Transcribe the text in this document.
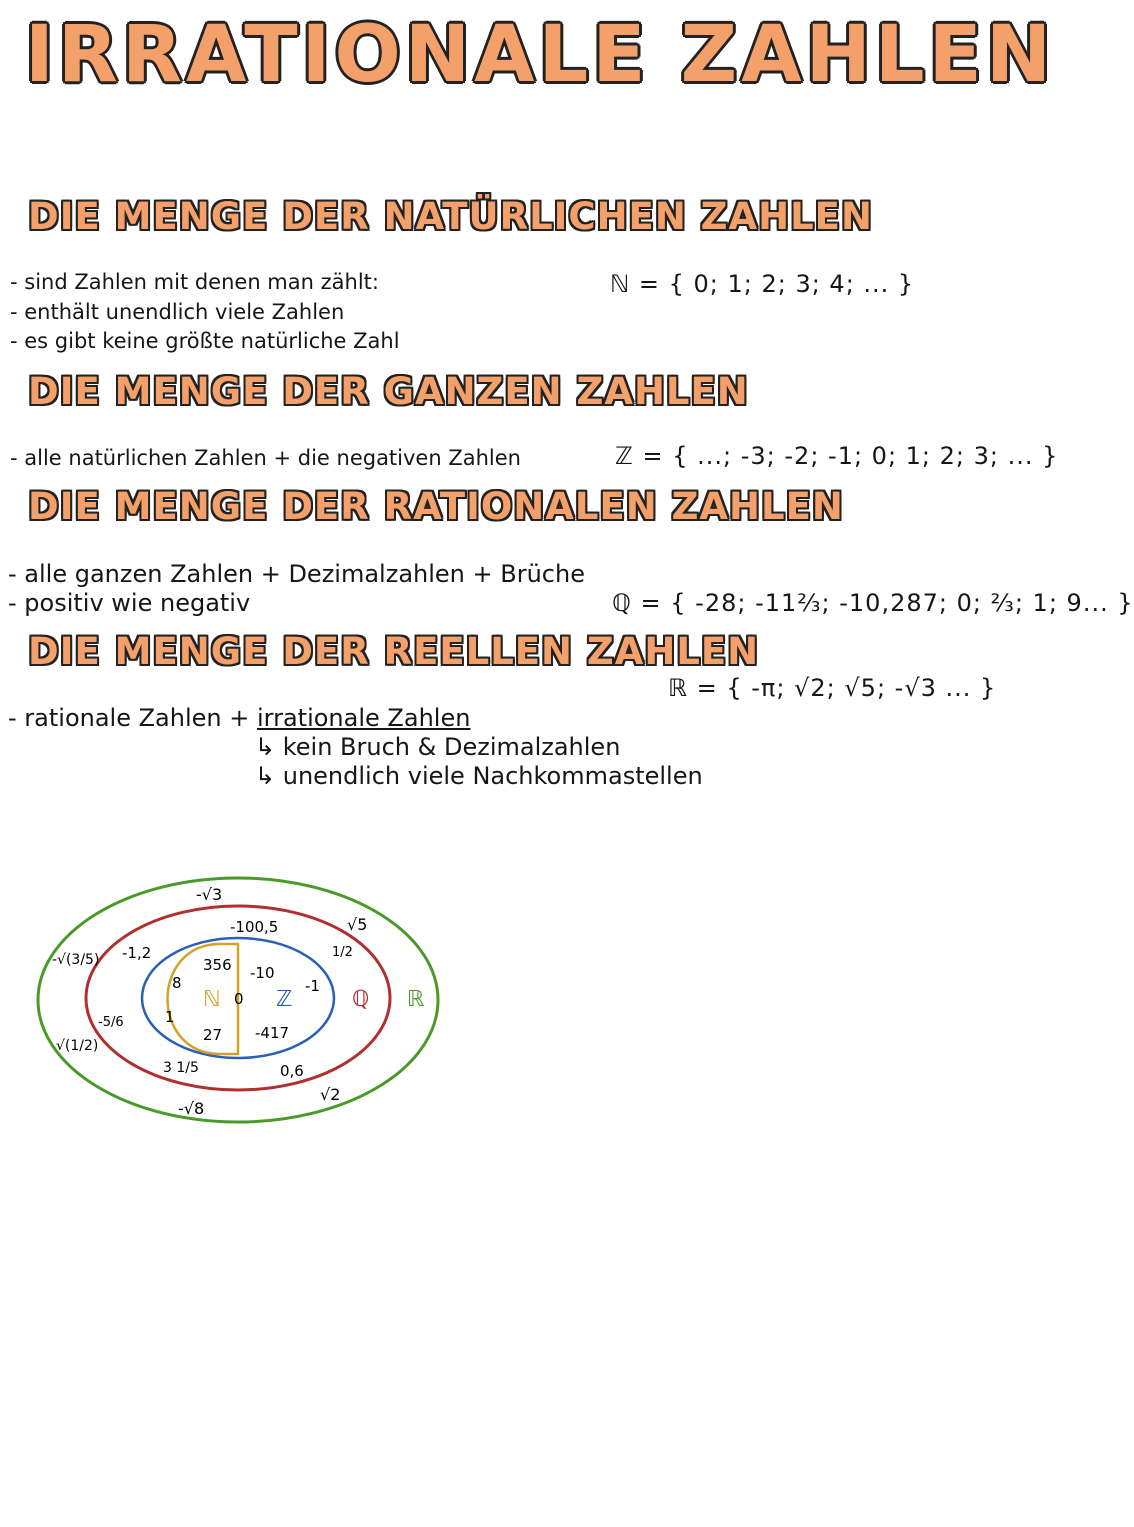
IRRATIONALE ZAHLEN
DIE MENGE DER NATÜRLICHEN ZAHLEN
- sind Zahlen mit denen man zählt:
- enthält unendlich viele Zahlen
- es gibt keine größte natürliche Zahl
ℕ = { 0; 1; 2; 3; 4; ... }
DIE MENGE DER GANZEN ZAHLEN
- alle natürlichen Zahlen + die negativen Zahlen	ℤ = { ...; -3; -2; -1; 0; 1; 2; 3; ... }
DIE MENGE DER RATIONALEN ZAHLEN
- alle ganzen Zahlen + Dezimalzahlen + Brüche
- positiv wie negativ	ℚ = { -28; -11⅔; -10,287; 0; ⅔; 1; 9... }
DIE MENGE DER REELLEN ZAHLEN
ℝ = { -π; √2; √5; -√3 ... }
- rationale Zahlen + irrationale Zahlen
↳ kein Bruch & Dezimalzahlen
↳ unendlich viele Nachkommastellen
ℕ	ℤ	ℚ ℝ
8
356
0
1
27
-10
-1
-417
-100,5
-1,2	1/2
-5/6
3 1/5	0,6
-√3
√5
-√(3/5)
√(1/2)
-√8
√2
